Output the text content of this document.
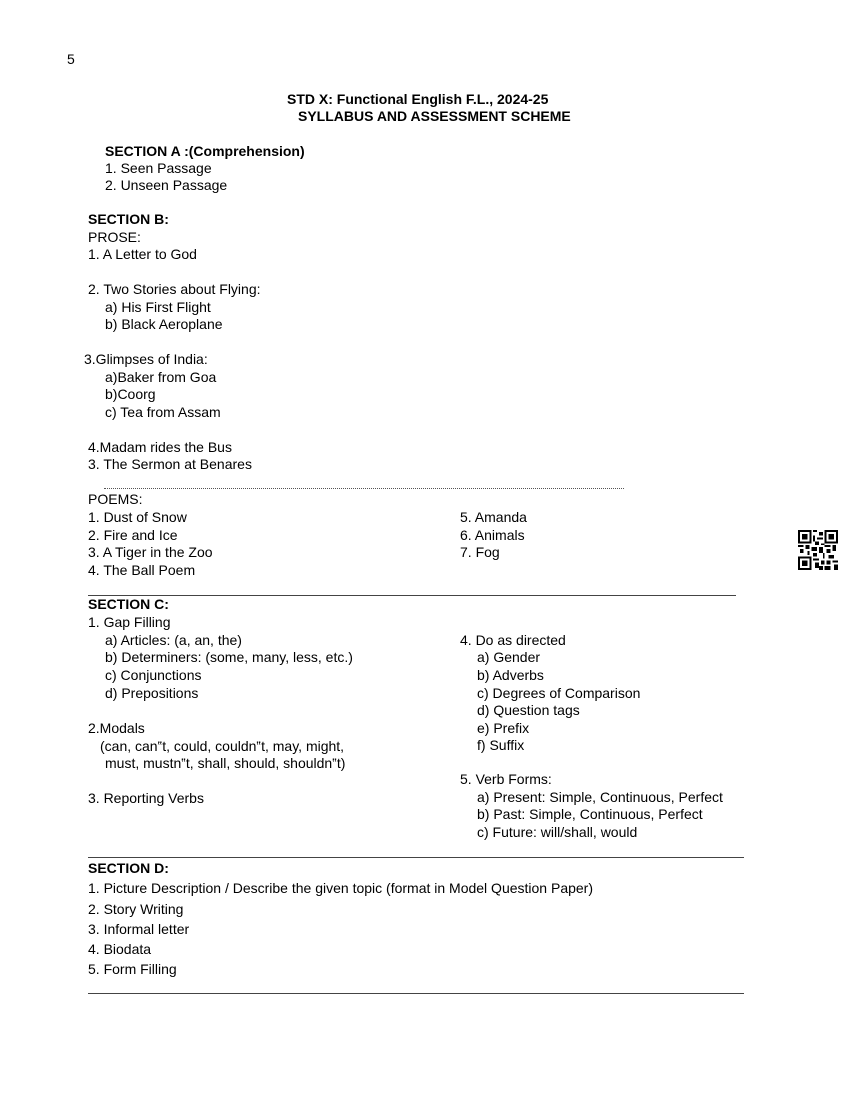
5
STD X: Functional English F.L., 2024-25
SYLLABUS AND ASSESSMENT SCHEME
SECTION A :(Comprehension)
1. Seen Passage
2. Unseen Passage
SECTION B:
PROSE:
1. A Letter to God
2. Two Stories about Flying:
a) His First Flight
b) Black Aeroplane
3.Glimpses of India:
a)Baker from Goa
b)Coorg
c) Tea from Assam
4.Madam rides the Bus
3. The Sermon at Benares
POEMS:
1. Dust of Snow
2. Fire and Ice
3. A Tiger in the Zoo
4. The Ball Poem
5. Amanda
6. Animals
7. Fog
SECTION C:
1. Gap Filling
a) Articles: (a, an, the)
b) Determiners: (some, many, less, etc.)
c) Conjunctions
d) Prepositions
2.Modals
(can, can‟t, could, couldn‟t, may, might,
must, mustn‟t, shall, should, shouldn‟t)
3. Reporting Verbs
4. Do as directed
a) Gender
b) Adverbs
c) Degrees of Comparison
d) Question tags
e) Prefix
f) Suffix
5. Verb Forms:
a) Present: Simple, Continuous, Perfect
b) Past: Simple, Continuous, Perfect
c) Future: will/shall, would
SECTION D:
1. Picture Description / Describe the given topic (format in Model Question Paper)
2. Story Writing
3. Informal letter
4. Biodata
5. Form Filling
